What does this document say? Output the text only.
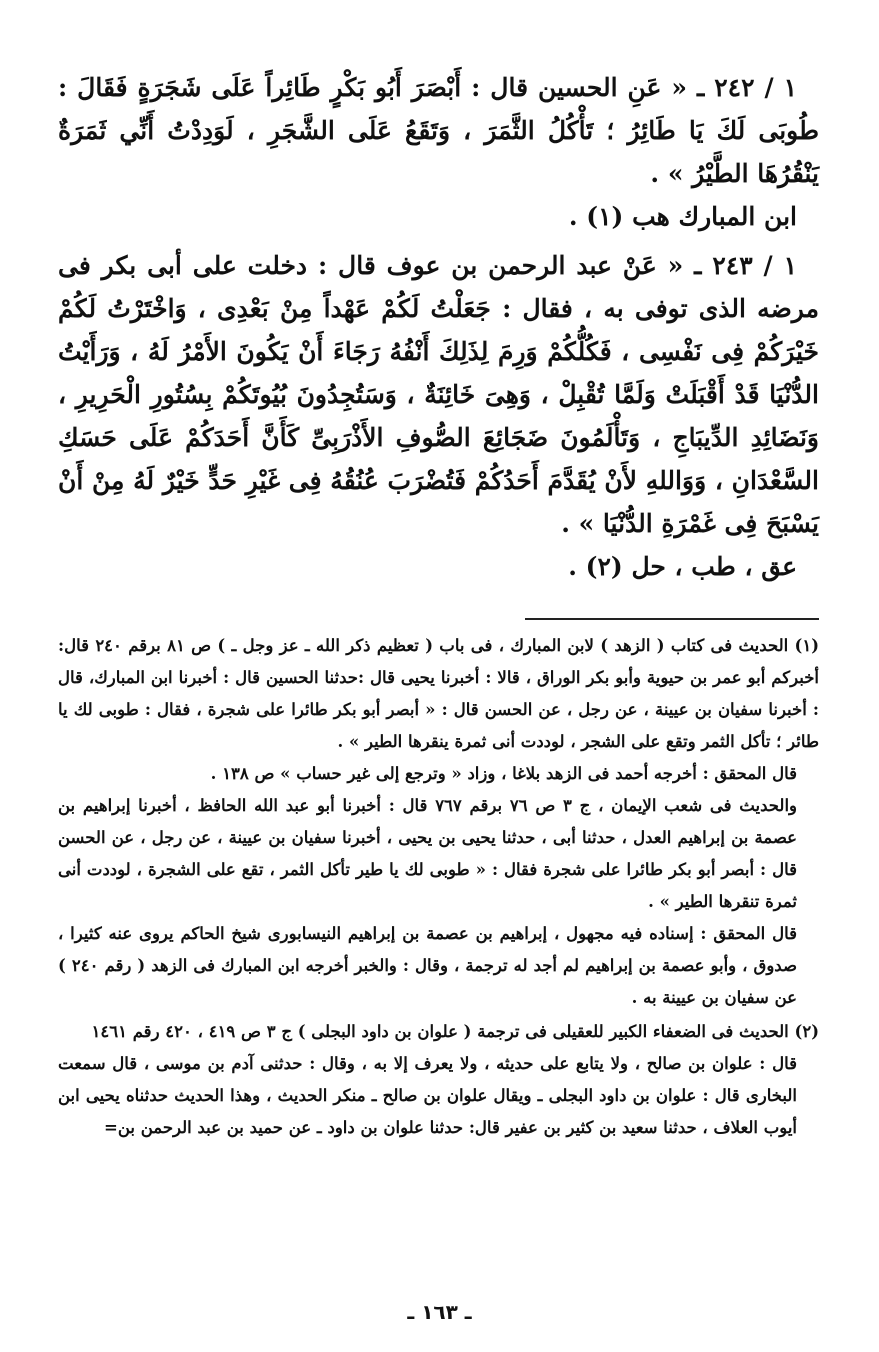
١ / ٢٤٢ ـ « عَنِ الحسين قال : أَبْصَرَ أَبُو بَكْرٍ طَائِراً عَلَى شَجَرَةٍ فَقَالَ : طُوبَى لَكَ يَا طَائِرُ ؛ تَأْكُلُ الثَّمَرَ ، وَتَقَعُ عَلَى الشَّجَرِ ، لَوَدِدْتُ أَنِّي ثَمَرَةٌ يَنْقُرُهَا الطَّيْرُ » .

ابن المبارك هب (١) .

١ / ٢٤٣ ـ « عَنْ عبد الرحمن بن عوف قال : دخلت على أبى بكر فى مرضه الذى توفى به ، فقال : جَعَلْتُ لَكُمْ عَهْداً مِنْ بَعْدِى ، وَاخْتَرْتُ لَكُمْ خَيْرَكُمْ فِى نَفْسِى ، فَكُلُّكُمْ وَرِمَ لِذَلِكَ أَنْفُهُ رَجَاءَ أَنْ يَكُونَ الأَمْرُ لَهُ ، وَرَأَيْتُ الدُّنْيَا قَدْ أَقْبَلَتْ وَلَمَّا تُقْبِلْ ، وَهِىَ خَائِنَةٌ ، وَسَتُجِدُونَ بُيُوتَكُمْ بِسُتُورِ الْحَرِيرِ ، وَنَضَائِدِ الدِّيبَاجِ ، وَتَأْلَمُونَ ضَجَائِعَ الصُّوفِ الأَذْرَبِىِّ كَأَنَّ أَحَدَكُمْ عَلَى حَسَكِ السَّعْدَانِ ، وَوَاللهِ لأَنْ يُقَدَّمَ أَحَدُكُمْ فَتُضْرَبَ عُنُقُهُ فِى غَيْرِ حَدٍّ خَيْرٌ لَهُ مِنْ أَنْ يَسْبَحَ فِى غَمْرَةِ الدُّنْيَا » .

عق ، طب ، حل (٢) .

(١) الحديث فى كتاب ( الزهد ) لابن المبارك ، فى باب ( تعظيم ذكر الله ـ عز وجل ـ ) ص ٨١ برقم ٢٤٠ قال: أخبركم أبو عمر بن حيوية وأبو بكر الوراق ، قالا : أخبرنا يحيى قال :حدثنا الحسين قال : أخبرنا ابن المبارك، قال : أخبرنا سفيان بن عيينة ، عن رجل ، عن الحسن قال : « أبصر أبو بكر طائرا على شجرة ، فقال : طوبى لك يا طائر ؛ تأكل الثمر وتقع على الشجر ، لوددت أنى ثمرة ينقرها الطير » .

قال المحقق : أخرجه أحمد فى الزهد بلاغا ، وزاد « وترجع إلى غير حساب » ص ١٣٨ .

والحديث فى شعب الإيمان ، ج ٣ ص ٧٦ برقم ٧٦٧ قال : أخبرنا أبو عبد الله الحافظ ، أخبرنا إبراهيم بن عصمة بن إبراهيم العدل ، حدثنا أبى ، حدثنا يحيى بن يحيى ، أخبرنا سفيان بن عيينة ، عن رجل ، عن الحسن قال : أبصر أبو بكر طائرا على شجرة فقال : « طوبى لك يا طير تأكل الثمر ، تقع على الشجرة ، لوددت أنى ثمرة تنقرها الطير » .

قال المحقق : إسناده فيه مجهول ، إبراهيم بن عصمة بن إبراهيم النيسابورى شيخ الحاكم يروى عنه كثيرا ، صدوق ، وأبو عصمة بن إبراهيم لم أجد له ترجمة ، وقال : والخبر أخرجه ابن المبارك فى الزهد ( رقم ٢٤٠ ) عن سفيان بن عيينة به .

(٢) الحديث فى الضعفاء الكبير للعقيلى فى ترجمة ( علوان بن داود البجلى ) ج ٣ ص ٤١٩ ، ٤٢٠ رقم ١٤٦١

قال : علوان بن صالح ، ولا يتابع على حديثه ، ولا يعرف إلا به ، وقال : حدثنى آدم بن موسى ، قال سمعت البخارى قال : علوان بن داود البجلى ـ ويقال علوان بن صالح ـ منكر الحديث ، وهذا الحديث حدثناه يحيى ابن أيوب العلاف ، حدثنا سعيد بن كثير بن عفير قال: حدثنا علوان بن داود ـ عن حميد بن عبد الرحمن بن=

ـ ١٦٣ ـ
